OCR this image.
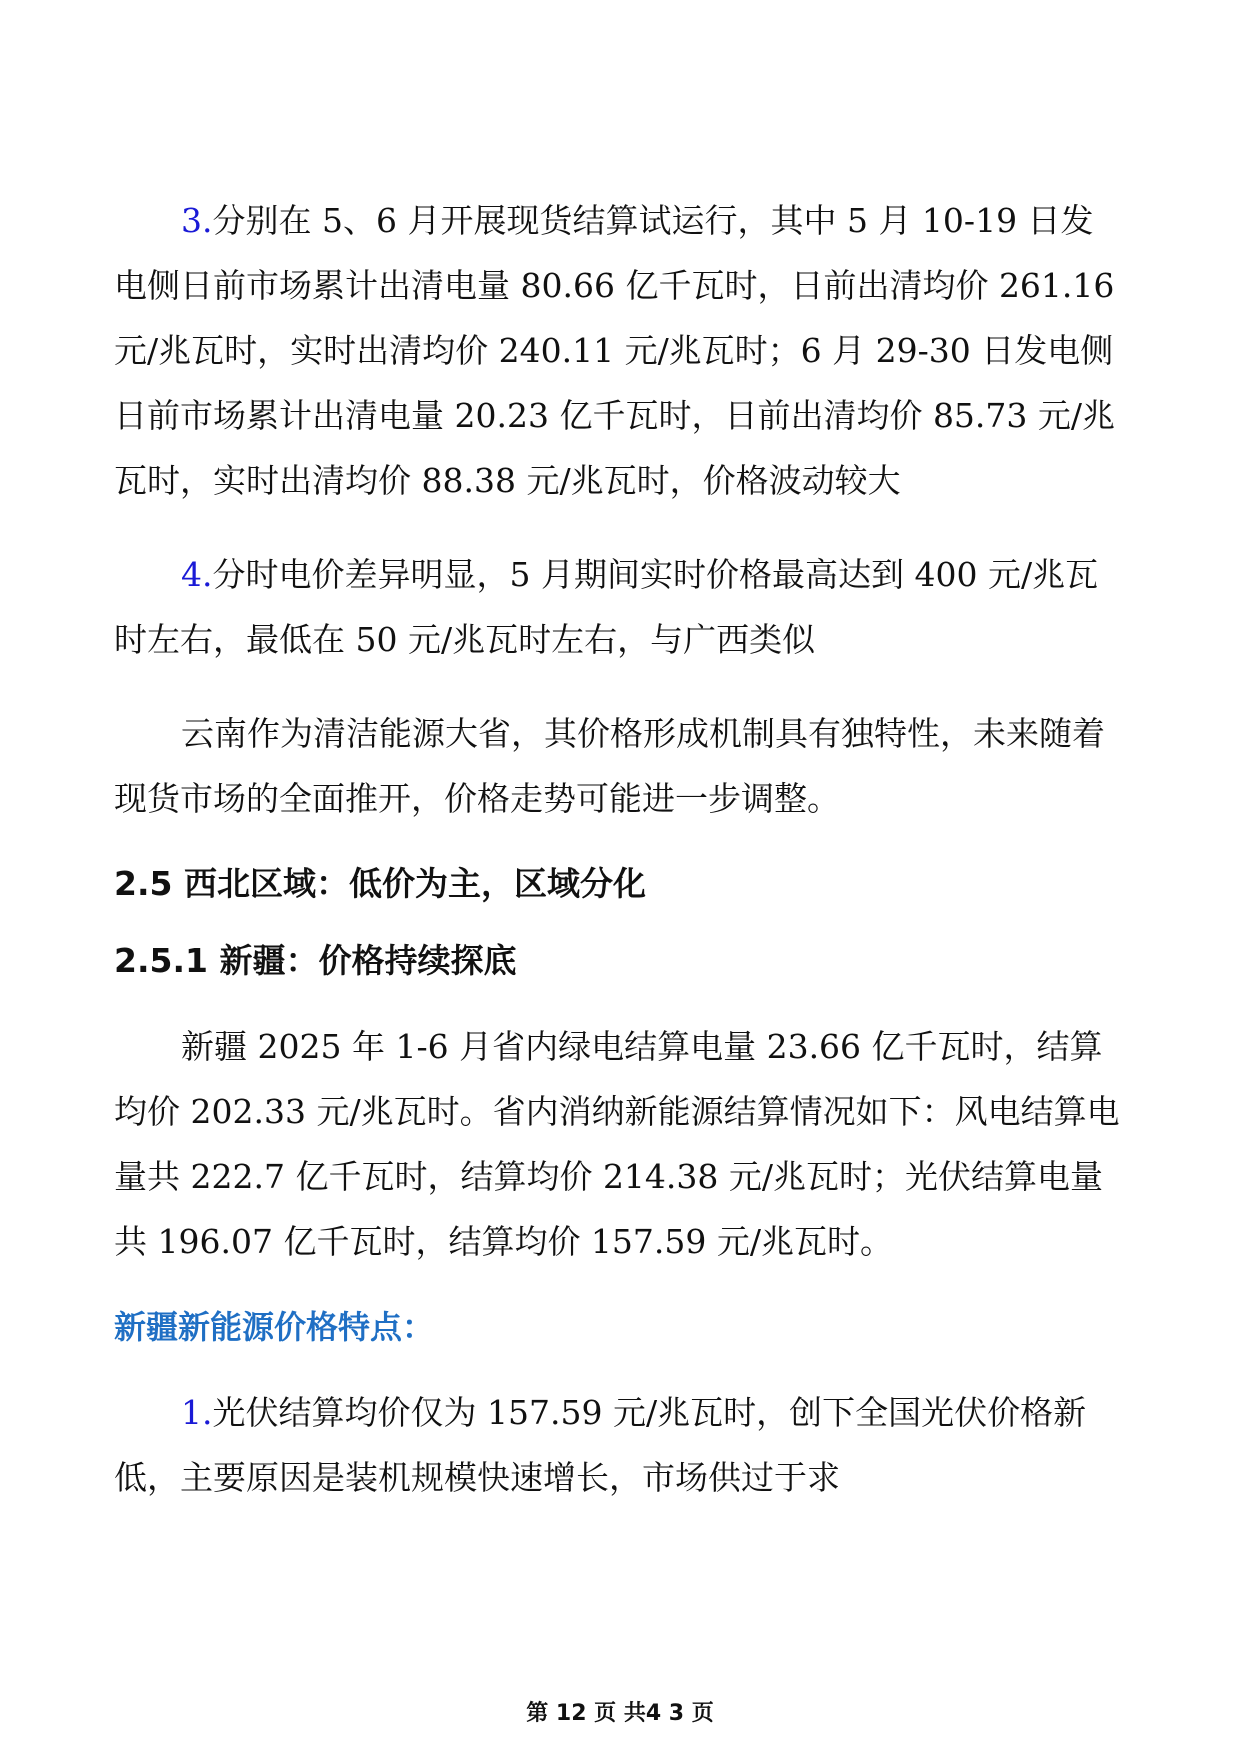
3.分别在 5、6 月开展现货结算试运行，其中 5 月 10-19 日发电侧日前市场累计出清电量 80.66 亿千瓦时，日前出清均价 261.16 元/兆瓦时，实时出清均价 240.11 元/兆瓦时；6 月 29-30 日发电侧日前市场累计出清电量 20.23 亿千瓦时，日前出清均价 85.73 元/兆瓦时，实时出清均价 88.38 元/兆瓦时，价格波动较大

4.分时电价差异明显，5 月期间实时价格最高达到 400 元/兆瓦时左右，最低在 50 元/兆瓦时左右，与广西类似

云南作为清洁能源大省，其价格形成机制具有独特性，未来随着现货市场的全面推开，价格走势可能进一步调整。

2.5 西北区域：低价为主，区域分化
2.5.1 新疆：价格持续探底

新疆 2025 年 1-6 月省内绿电结算电量 23.66 亿千瓦时，结算均价 202.33 元/兆瓦时。省内消纳新能源结算情况如下：风电结算电量共 222.7 亿千瓦时，结算均价 214.38 元/兆瓦时；光伏结算电量共 196.07 亿千瓦时，结算均价 157.59 元/兆瓦时。

新疆新能源价格特点：

1.光伏结算均价仅为 157.59 元/兆瓦时，创下全国光伏价格新低，主要原因是装机规模快速增长，市场供过于求

第 12 页 共4 3 页
